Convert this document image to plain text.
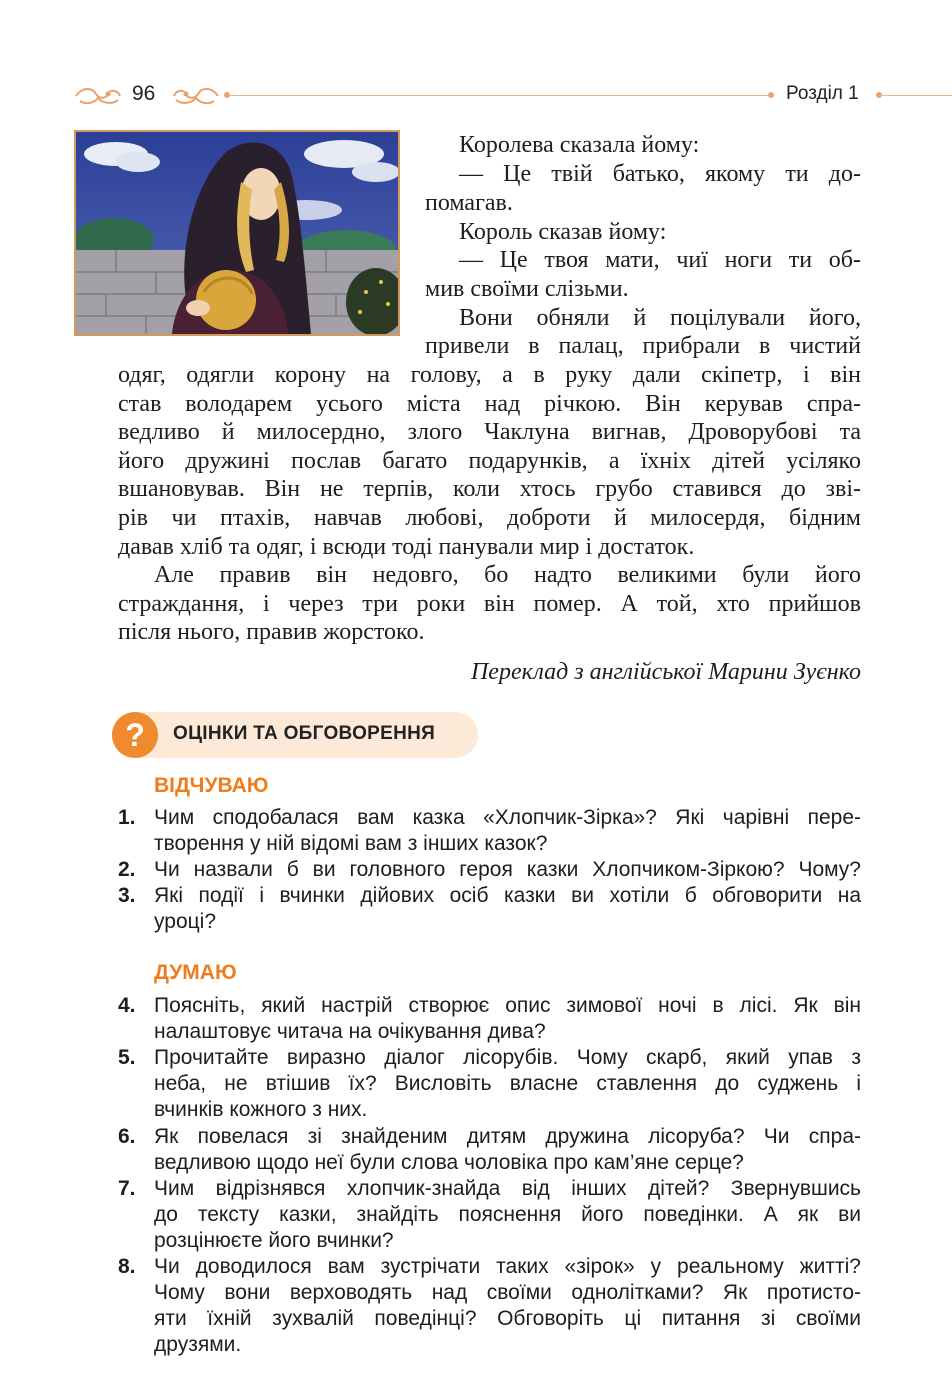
96	Розділ 1
Королева сказала йому:
— Це твій батько, якому ти до-
помагав.
Король сказав йому:
— Це твоя мати, чиї ноги ти об-
мив своїми слізьми.
Вони обняли й поцілували його,
привели в палац, прибрали в чистий
одяг, одягли корону на голову, а в руку дали скіпетр, і він
став володарем усього міста над річкою. Він керував спра-
ведливо й милосердно, злого Чаклуна вигнав, Дроворубові та
його дружині послав багато подарунків, а їхніх дітей усіляко
вшановував. Він не терпів, коли хтось грубо ставився до зві-
рів чи птахів, навчав любові, доброти й милосердя, бідним
давав хліб та одяг, і всюди тоді панували мир і достаток.
Але правив він недовго, бо надто великими були його
страждання, і через три роки він помер. А той, хто прийшов
після нього, правив жорстоко.
Переклад з англійської Марини Зуєнко
?	ОЦІНКИ ТА ОБГОВОРЕННЯ
ВІДЧУВАЮ
1. Чим сподобалася вам казка «Хлопчик-Зірка»? Які чарівні пере-
творення у ній відомі вам з інших казок?
2. Чи назвали б ви головного героя казки Хлопчиком-Зіркою? Чому?
3. Які події і вчинки дійових осіб казки ви хотіли б обговорити на
уроці?
ДУМАЮ
4. Поясніть, який настрій створює опис зимової ночі в лісі. Як він
налаштовує читача на очікування дива?
5. Прочитайте виразно діалог лісорубів. Чому скарб, який упав з
неба, не втішив їх? Висловіть власне ставлення до суджень і
вчинків кожного з них.
6. Як повелася зі знайденим дитям дружина лісоруба? Чи спра-
ведливою щодо неї були слова чоловіка про кам’яне серце?
7. Чим відрізнявся хлопчик-знайда від інших дітей? Звернувшись
до тексту казки, знайдіть пояснення його поведінки. А як ви
розцінюєте його вчинки?
8. Чи доводилося вам зустрічати таких «зірок» у реальному житті?
Чому вони верховодять над своїми однолітками? Як протисто-
яти їхній зухвалій поведінці? Обговоріть ці питання зі своїми
друзями.
